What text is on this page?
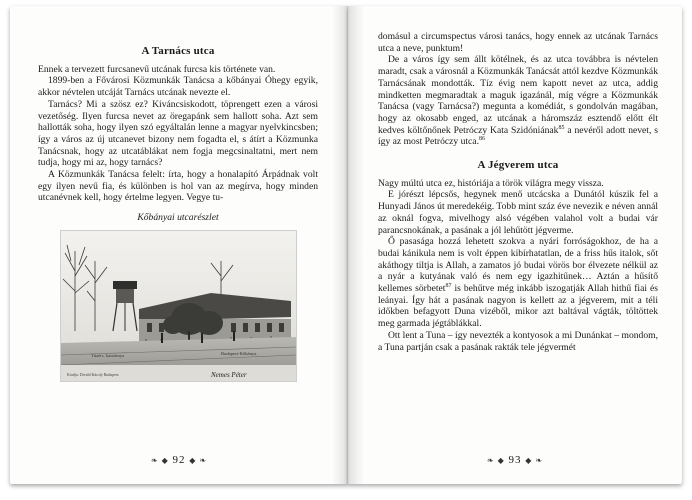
A Tarnács utca

Ennek a tervezett furcsanevű utcának furcsa kis története van.

1899-ben a Fővárosi Közmunkák Tanácsa a kőbányai Óhegy egyik, akkor névtelen utcáját Tarnács utcának nevezte el.

Tarnács? Mi a szösz ez? Kíváncsiskodott, töprengett ezen a városi vezetőség. Ilyen furcsa nevet az öregapánk sem hallott soha. Azt sem hallották soha, hogy ilyen szó egyáltalán lenne a magyar nyelvkincsben; így a város az új utcanevet bizony nem fogadta el, s átírt a Közmunka Tanácsnak, hogy az utcatáblákat nem fogja megcsinaltatni, mert nem tudja, hogy mi az, hogy tarnács?

A Közmunkák Tanácsa felelt: írta, hogy a honalapító Árpádnak volt egy ilyen nevű fia, és különben is hol van az megírva, hogy minden utcanévnek kell, hogy értelme legyen. Vegye tu-

Kőbányai utcarészlet

Tüzérs. kaszárnya	Budapest-Kőbánya.
Kiadja: Divald Károly Budapest	Nemes Péter
❧ ◆ 92 ◆ ❧

domásul a circumspectus városi tanács, hogy ennek az utcának Tarnács utca a neve, punktum!

De a város így sem állt kötélnek, és az utca továbbra is névtelen maradt, csak a városnál a Közmunkák Tanácsát attól kezdve Közmunkák Tarnácsának mondották. Tíz évig nem kapott nevet az utca, addig mindketten megmaradtak a maguk igazánál, míg végre a Közmunkák Tanácsa (vagy Tarnácsa?) megunta a komédiát, s gondolván magában, hogy az okosabb enged, az utcának a háromszáz esztendő előtt élt kedves költőnőnek Petróczy Kata Szidóniának$^{85}$ a nevéről adott nevet, s így az most Petróczy utca.$^{86}$

A Jégverem utca

Nagy múltú utca ez, históriája a török világra megy vissza.

E jórészt lépcsős, hegynek menő utcácska a Dunától kúszik fel a Hunyadi János út meredekéig. Tobb mint száz éve nevezik e néven annál az oknál fogva, mivelhogy alsó végében valahol volt a budai vár parancsnokának, a pasának a jól lehűtött jégverme.

Ő pasasága hozzá lehetett szokva a nyári forróságokhoz, de ha a budai kánikula nem is volt éppen kibírhatatlan, de a friss hűs italok, sőt akáthogy tiltja is Allah, a zamatos jó budai vörös bor élvezete nélkül az a nyár a kutyának való és nem egy igazhitűnek… Aztán a hűsítő kellemes sörbetet$^{87}$ is behűtve még inkább iszogatják Allah hithű fiai és leányai. Így hát a pasának nagyon is kellett az a jégverem, mit a téli időkben befagyott Duna vizéből, mikor azt baltával vágták, töltöttek meg garmada jégtáblákkal.

Ott lent a Tuna – így nevezték a kontyosok a mi Dunánkat – mondom, a Tuna partján csak a pasának rakták tele jégvermét

❧ ◆ 93 ◆ ❧
